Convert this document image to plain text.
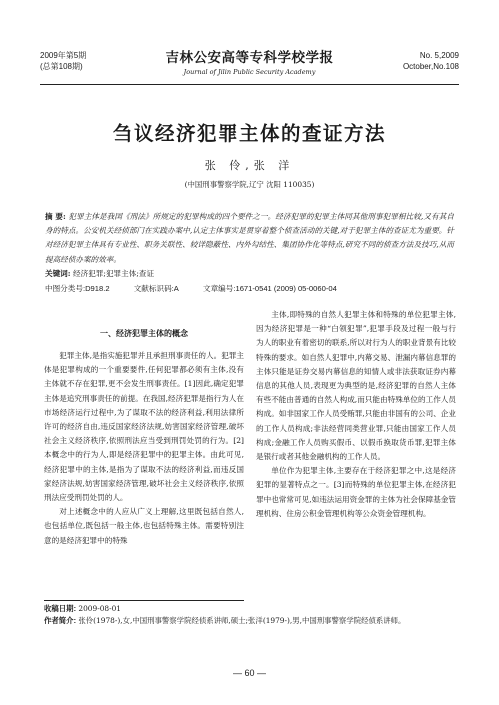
2009年第5期
(总第108期)
吉林公安高等专科学校学报
Journal of Jilin Public Security Academy
No. 5,2009
October,No.108
刍议经济犯罪主体的查证方法
张 伶,张 洋
(中国刑事警察学院,辽宁 沈阳 110035)
摘 要: 犯罪主体是我国《刑法》所规定的犯罪构成的四个要件之一。经济犯罪的犯罪主体同其他刑事犯罪相比较,又有其自身的特点。公安机关经侦部门在实践办案中,认定主体事实是贯穿着整个侦查活动的关键,对于犯罪主体的查证尤为重要。针对经济犯罪主体具有专业性、职务关联性、较详隐蔽性、内外勾结性、集团协作化等特点,研究不同的侦查方法及技巧,从而提高经侦办案的效率。
关键词: 经济犯罪;犯罪主体;查证
中图分类号:D918.2	文献标识码:A	文章编号:1671-0541 (2009) 05-0060-04

一、经济犯罪主体的概念

犯罪主体,是指实施犯罪并且承担刑事责任的人。犯罪主体是犯罪构成的一个重要要件,任何犯罪都必须有主体,没有主体就不存在犯罪,更不会发生刑事责任。[1]因此,确定犯罪主体是追究刑事责任的前提。在我国,经济犯罪是指行为人在市场经济运行过程中,为了谋取不法的经济利益,利用法律所许可的经济自由,违反国家经济法规,妨害国家经济管理,破坏社会主义经济秩序,依照刑法应当受到刑罚处罚的行为。[2]本概念中的行为人,即是经济犯罪中的犯罪主体。由此可见,经济犯罪中的主体,是指为了谋取不法的经济利益,而违反国家经济法规,妨害国家经济管理,破坏社会主义经济秩序,依照刑法应受刑罚处罚的人。

对上述概念中的人应从广义上理解,这里既包括自然人,也包括单位,既包括一般主体,也包括特殊主体。需要特别注意的是经济犯罪中的特殊

主体,即特殊的自然人犯罪主体和特殊的单位犯罪主体,因为经济犯罪是一种“白领犯罪”,犯罪手段及过程一般与行为人的职业有着密切的联系,所以对行为人的职业背景有比较特殊的要求。如自然人犯罪中,内幕交易、泄漏内幕信息罪的主体只能是证券交易内幕信息的知情人或非法获取证券内幕信息的其他人员,表现更为典型的是,经济犯罪的自然人主体有些不能由普通的自然人构成,而只能由特殊单位的工作人员构成。如非国家工作人员受贿罪,只能由非国有的公司、企业的工作人员构成;非法经营同类营业罪,只能由国家工作人员构成;金融工作人员购买假币、以假币换取货币罪,犯罪主体是银行或者其他金融机构的工作人员。

单位作为犯罪主体,主要存在于经济犯罪之中,这是经济犯罪的显著特点之一。[3]而特殊的单位犯罪主体,在经济犯罪中也常常可见,如违法运用资金罪的主体为社会保障基金管理机构、住房公积金管理机构等公众资金管理机构。

收稿日期: 2009-08-01
作者简介: 张伶(1978-),女,中国刑事警察学院经侦系讲师,硕士;张洋(1979-),男,中国刑事警察学院经侦系讲师。
— 60 —
